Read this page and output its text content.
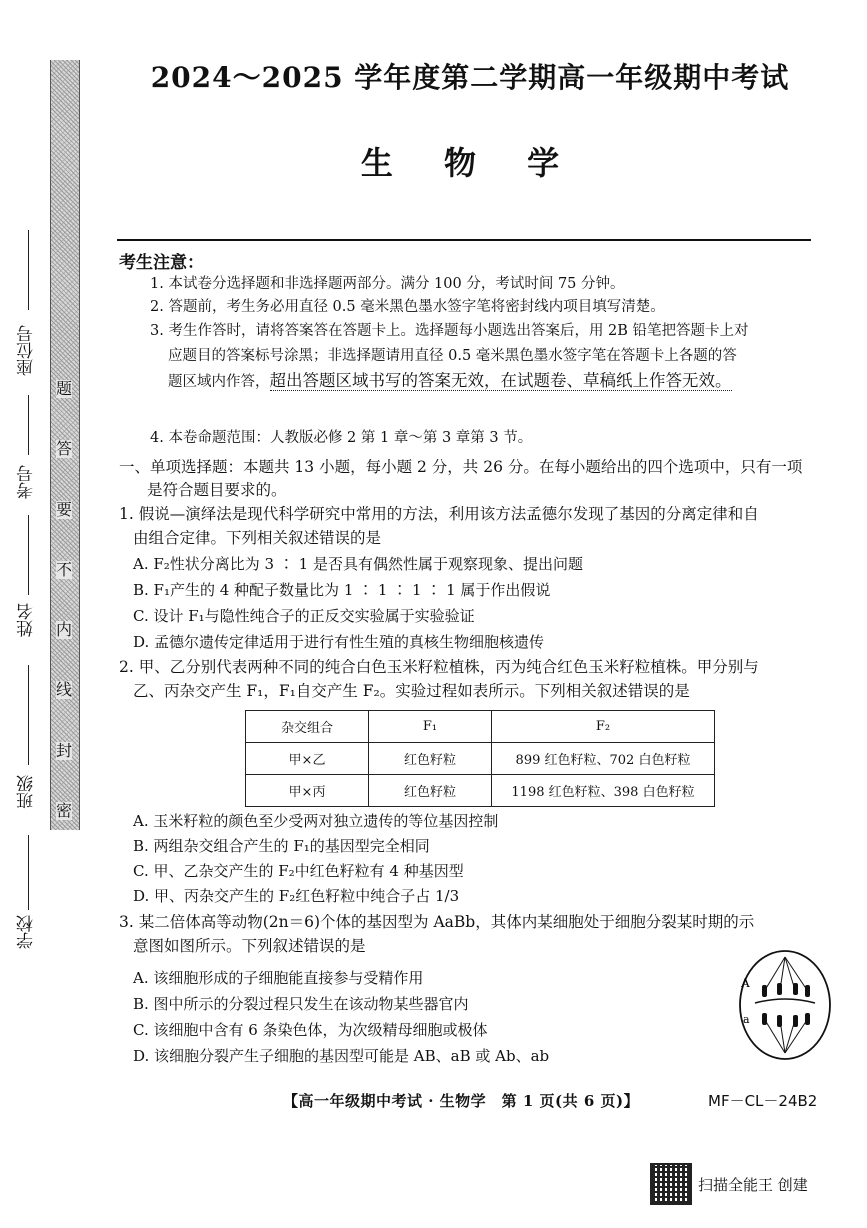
题
答
要
不
内
线
封
密
座位号
考号
姓名
班级
学校
2024～2025 学年度第二学期高一年级期中考试
生 物 学
考生注意：
1. 本试卷分选择题和非选择题两部分。满分 100 分，考试时间 75 分钟。
2. 答题前，考生务必用直径 0.5 毫米黑色墨水签字笔将密封线内项目填写清楚。
3. 考生作答时，请将答案答在答题卡上。选择题每小题选出答案后，用 2B 铅笔把答题卡上对
应题目的答案标号涂黑；非选择题请用直径 0.5 毫米黑色墨水签字笔在答题卡上各题的答
题区域内作答，超出答题区域书写的答案无效，在试题卷、草稿纸上作答无效。
4. 本卷命题范围：人教版必修 2 第 1 章～第 3 章第 3 节。
一、单项选择题：本题共 13 小题，每小题 2 分，共 26 分。在每小题给出的四个选项中，只有一项
是符合题目要求的。
1. 假说—演绎法是现代科学研究中常用的方法，利用该方法孟德尔发现了基因的分离定律和自
由组合定律。下列相关叙述错误的是
A. F₂性状分离比为 3 ∶ 1 是否具有偶然性属于观察现象、提出问题
B. F₁产生的 4 种配子数量比为 1 ∶ 1 ∶ 1 ∶ 1 属于作出假说
C. 设计 F₁与隐性纯合子的正反交实验属于实验验证
D. 孟德尔遗传定律适用于进行有性生殖的真核生物细胞核遗传
2. 甲、乙分别代表两种不同的纯合白色玉米籽粒植株，丙为纯合红色玉米籽粒植株。甲分别与
乙、丙杂交产生 F₁，F₁自交产生 F₂。实验过程如表所示。下列相关叙述错误的是
杂交组合	F₁	F₂
甲×乙	红色籽粒	899 红色籽粒、702 白色籽粒
甲×丙	红色籽粒	1198 红色籽粒、398 白色籽粒
A. 玉米籽粒的颜色至少受两对独立遗传的等位基因控制
B. 两组杂交组合产生的 F₁的基因型完全相同
C. 甲、乙杂交产生的 F₂中红色籽粒有 4 种基因型
D. 甲、丙杂交产生的 F₂红色籽粒中纯合子占 1/3
3. 某二倍体高等动物(2n＝6)个体的基因型为 AaBb，其体内某细胞处于细胞分裂某时期的示
意图如图所示。下列叙述错误的是
A. 该细胞形成的子细胞能直接参与受精作用
B. 图中所示的分裂过程只发生在该动物某些器官内
C. 该细胞中含有 6 条染色体，为次级精母细胞或极体
D. 该细胞分裂产生子细胞的基因型可能是 AB、aB 或 Ab、ab
A
a
【高一年级期中考试 · 生物学　第 1 页(共 6 页)】	MF－CL－24B2
扫描全能王 创建
